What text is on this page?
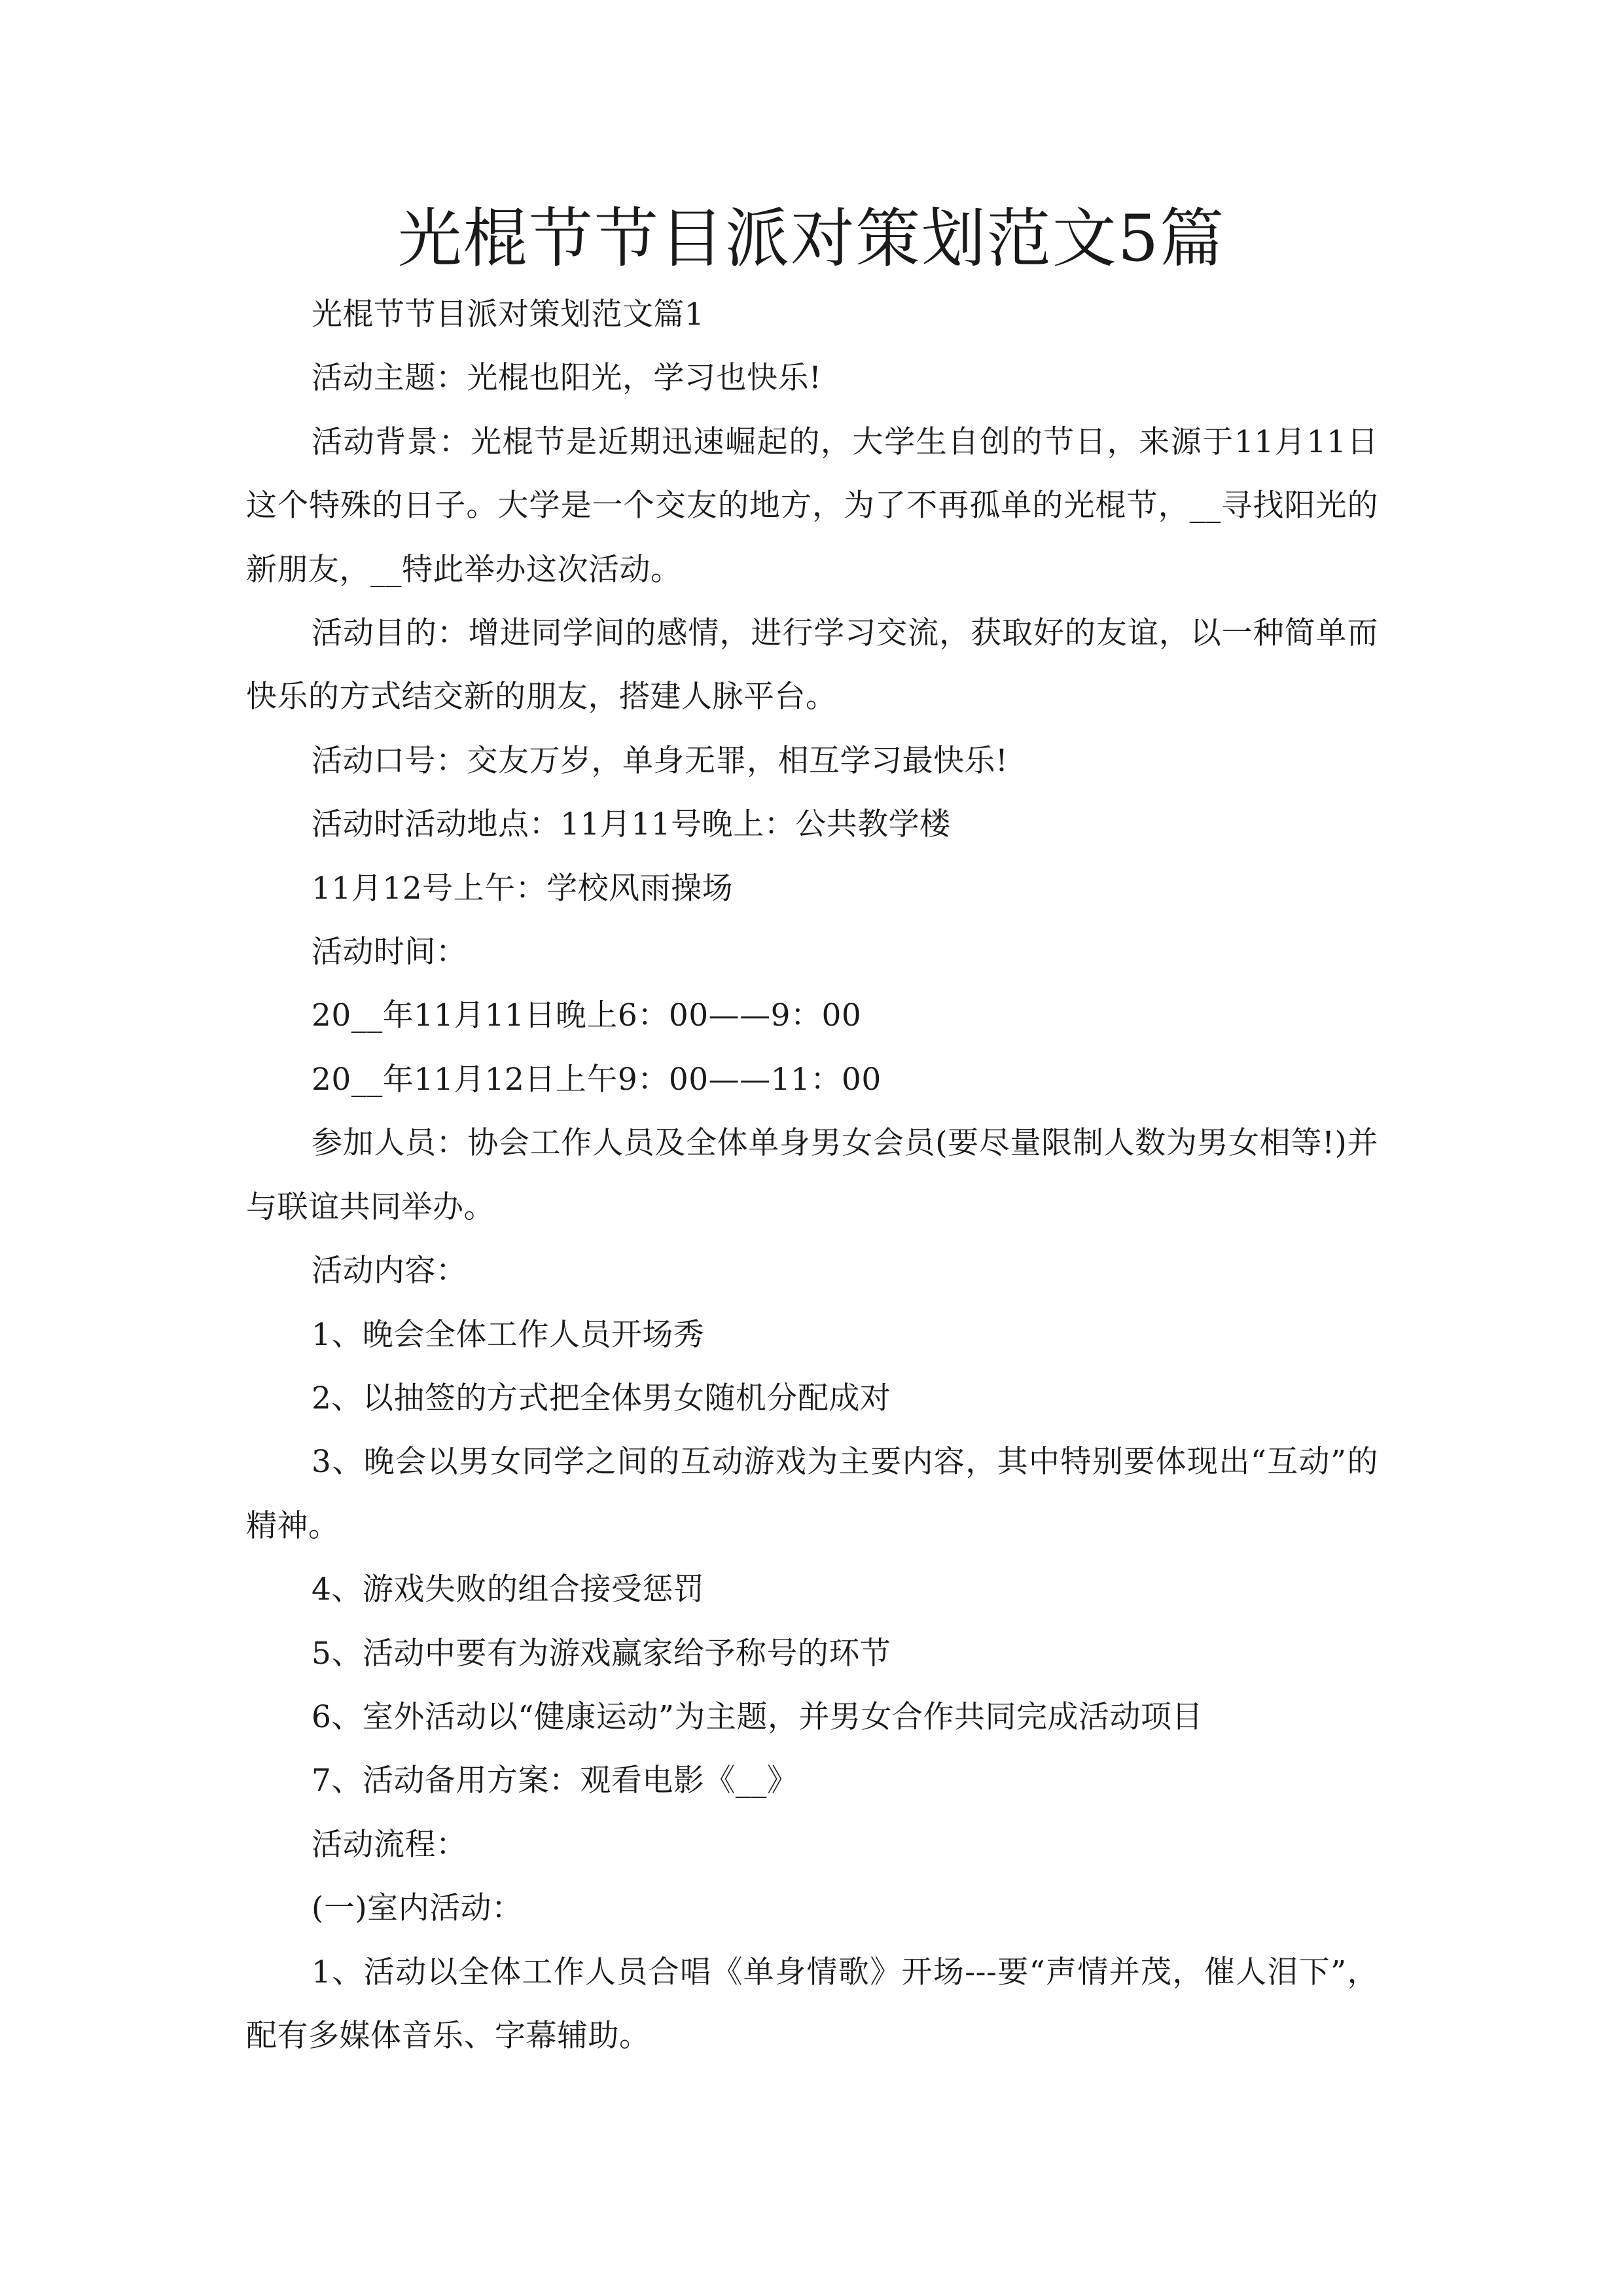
光棍节节目派对策划范文5篇

光棍节节目派对策划范文篇1

活动主题：光棍也阳光，学习也快乐!

活动背景：光棍节是近期迅速崛起的，大学生自创的节日，来源于11月11日这个特殊的日子。大学是一个交友的地方，为了不再孤单的光棍节，__寻找阳光的新朋友，__特此举办这次活动。

活动目的：增进同学间的感情，进行学习交流，获取好的友谊，以一种简单而快乐的方式结交新的朋友，搭建人脉平台。

活动口号：交友万岁，单身无罪，相互学习最快乐!

活动时活动地点：11月11号晚上：公共教学楼

11月12号上午：学校风雨操场

活动时间：

20__年11月11日晚上6：00——9：00

20__年11月12日上午9：00——11：00

参加人员：协会工作人员及全体单身男女会员(要尽量限制人数为男女相等!)并与联谊共同举办。

活动内容：

1、晚会全体工作人员开场秀

2、以抽签的方式把全体男女随机分配成对

3、晚会以男女同学之间的互动游戏为主要内容，其中特别要体现出“互动”的精神。

4、游戏失败的组合接受惩罚

5、活动中要有为游戏赢家给予称号的环节

6、室外活动以“健康运动”为主题，并男女合作共同完成活动项目

7、活动备用方案：观看电影《__》

活动流程：

(一)室内活动：

1、活动以全体工作人员合唱《单身情歌》开场---要“声情并茂，催人泪下”，配有多媒体音乐、字幕辅助。
